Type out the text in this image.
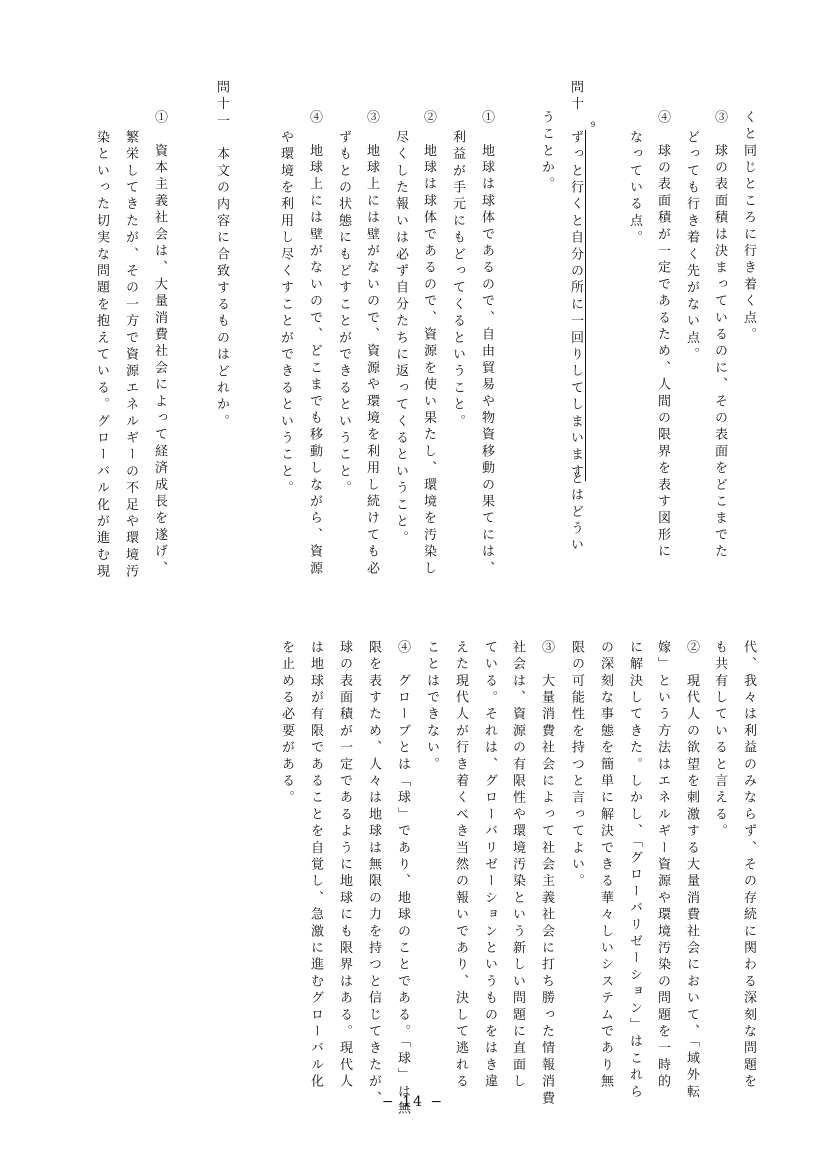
くと同じところに行き着く点。
③　球の表面積は決まっているのに、その表面をどこまでた
どっても行き着く先がない点。
④　球の表面積が一定であるため、人間の限界を表す図形に
なっている点。
問十
ずっと行くと自分の所に一回りしてしまいます
とはどうい
9
うことか。
①　地球は球体であるので、自由貿易や物資移動の果てには、
利益が手元にもどってくるということ。
②　地球は球体であるので、資源を使い果たし、環境を汚染し
尽くした報いは必ず自分たちに返ってくるということ。
③　地球上には壁がないので、資源や環境を利用し続けても必
ずもとの状態にもどすことができるということ。
④　地球上には壁がないので、どこまでも移動しながら、資源
や環境を利用し尽くすことができるということ。
問十一　本文の内容に合致するものはどれか。
①　資本主義社会は、大量消費社会によって経済成長を遂げ、
繁栄してきたが、その一方で資源エネルギーの不足や環境汚
染といった切実な問題を抱えている。グローバル化が進む現
代、我々は利益のみならず、その存続に関わる深刻な問題を
も共有していると言える。
②　現代人の欲望を刺激する大量消費社会において、「域外転
嫁」という方法はエネルギー資源や環境汚染の問題を一時的
に解決してきた。しかし、「グローバリゼーション」はこれら
の深刻な事態を簡単に解決できる華々しいシステムであり無
限の可能性を持つと言ってよい。
③　大量消費社会によって社会主義社会に打ち勝った情報消費
社会は、資源の有限性や環境汚染という新しい問題に直面し
ている。それは、グローバリゼーションというものをはき違
えた現代人が行き着くべき当然の報いであり、決して逃れる
ことはできない。
④　グローブとは「球」であり、地球のことである。「球」は無
限を表すため、人々は地球は無限の力を持つと信じてきたが、
球の表面積が一定であるように地球にも限界はある。現代人
は地球が有限であることを自覚し、急激に進むグローバル化
を止める必要がある。
− 14 −
